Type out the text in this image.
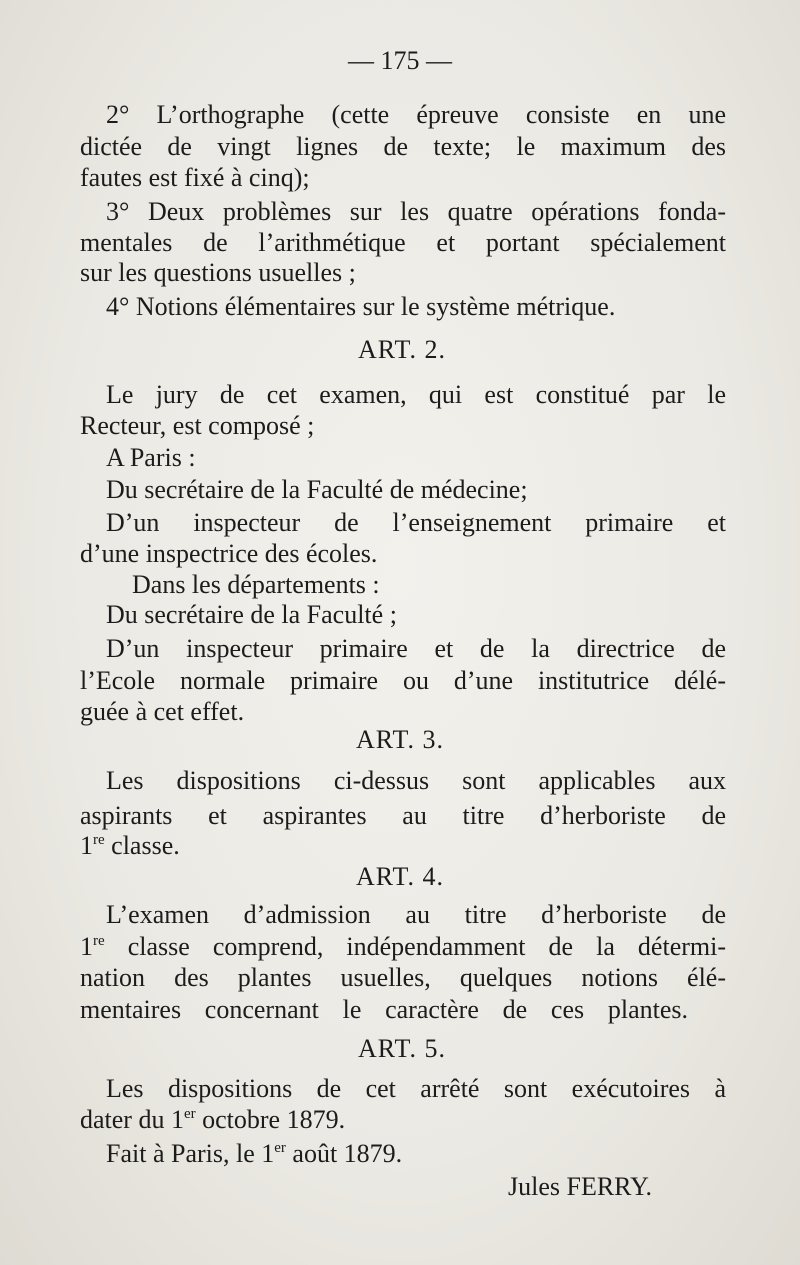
— 175 —
2° L’orthographe (cette épreuve consiste en une
dictée de vingt lignes de texte; le maximum des
fautes est fixé à cinq);
3° Deux problèmes sur les quatre opérations fonda-
mentales de l’arithmétique et portant spécialement
sur les questions usuelles ;
4° Notions élémentaires sur le système métrique.
ART. 2.
Le jury de cet examen, qui est constitué par le
Recteur, est composé ;
A Paris :
Du secrétaire de la Faculté de médecine;
D’un inspecteur de l’enseignement primaire et
d’une inspectrice des écoles.
Dans les départements :
Du secrétaire de la Faculté ;
D’un inspecteur primaire et de la directrice de
l’Ecole normale primaire ou d’une institutrice délé-
guée à cet effet.
ART. 3.
Les dispositions ci-dessus sont applicables aux
aspirants et aspirantes au titre d’herboriste de
1re classe.
ART. 4.
L’examen d’admission au titre d’herboriste de
1re classe comprend, indépendamment de la détermi-
nation des plantes usuelles, quelques notions élé-
mentaires concernant le caractère de ces plantes.
ART. 5.
Les dispositions de cet arrêté sont exécutoires à
dater du 1er octobre 1879.
Fait à Paris, le 1er août 1879.
Jules FERRY.
